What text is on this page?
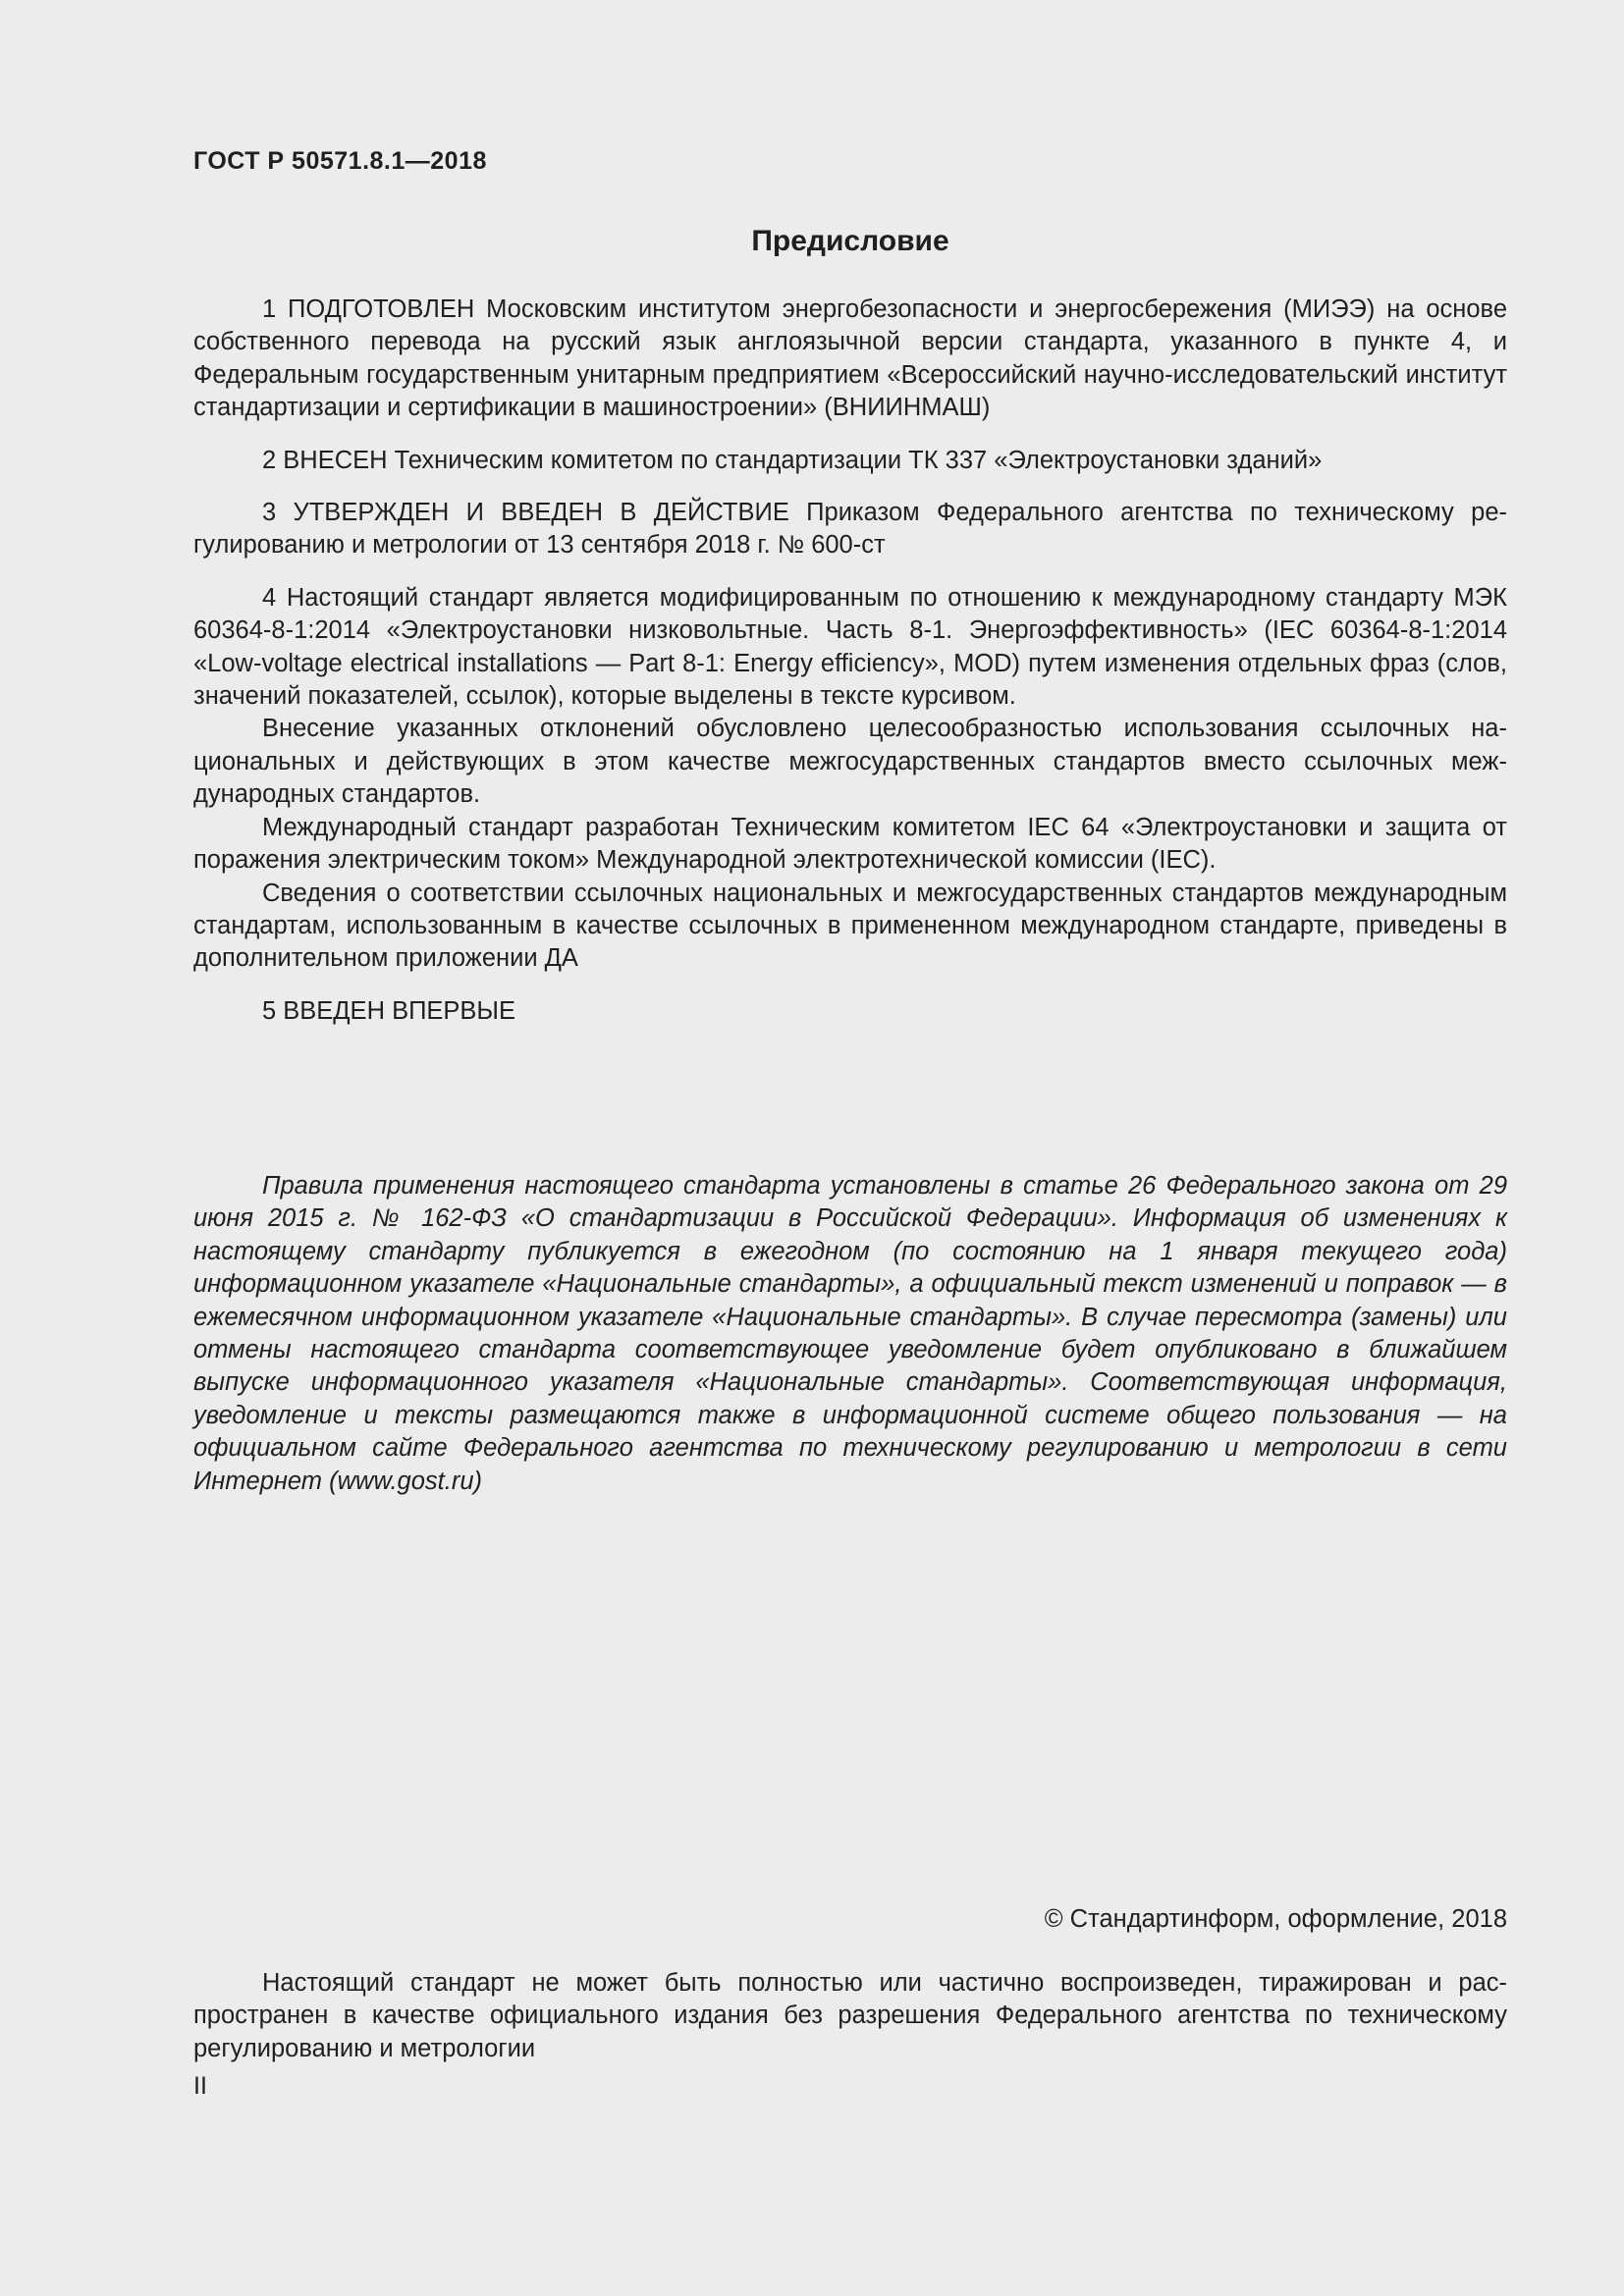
ГОСТ Р 50571.8.1—2018
Предисловие

1 ПОДГОТОВЛЕН Московским институтом энергобезопасности и энергосбережения (МИЭЭ) на основе собственного перевода на русский язык англоязычной версии стандарта, указанного в пункте 4, и Федеральным государственным унитарным предприятием «Всероссийский научно-исследовательский институт стандартизации и сертификации в машиностроении» (ВНИИНМАШ)

2 ВНЕСЕН Техническим комитетом по стандартизации ТК 337 «Электроустановки зданий»

3 УТВЕРЖДЕН И ВВЕДЕН В ДЕЙСТВИЕ Приказом Федерального агентства по техническому регулированию и метрологии от 13 сентября 2018 г. № 600-ст

4 Настоящий стандарт является модифицированным по отношению к международному стандарту МЭК 60364-8-1:2014 «Электроустановки низковольтные. Часть 8-1. Энергоэффективность» (IEC 60364-8-1:2014 «Low-voltage electrical installations — Part 8-1: Energy efficiency», MOD) путем изменения отдельных фраз (слов, значений показателей, ссылок), которые выделены в тексте курсивом.

Внесение указанных отклонений обусловлено целесообразностью использования ссылочных национальных и действующих в этом качестве межгосударственных стандартов вместо ссылочных международных стандартов.

Международный стандарт разработан Техническим комитетом IEC 64 «Электроустановки и защита от поражения электрическим током» Международной электротехнической комиссии (IEC).

Сведения о соответствии ссылочных национальных и межгосударственных стандартов международным стандартам, использованным в качестве ссылочных в примененном международном стандарте, приведены в дополнительном приложении ДА

5 ВВЕДЕН ВПЕРВЫЕ

Правила применения настоящего стандарта установлены в статье 26 Федерального закона от 29 июня 2015 г. № 162-ФЗ «О стандартизации в Российской Федерации». Информация об изменениях к настоящему стандарту публикуется в ежегодном (по состоянию на 1 января текущего года) информационном указателе «Национальные стандарты», а официальный текст изменений и поправок — в ежемесячном информационном указателе «Национальные стандарты». В случае пересмотра (замены) или отмены настоящего стандарта соответствующее уведомление будет опубликовано в ближайшем выпуске информационного указателя «Национальные стандарты». Соответствующая информация, уведомление и тексты размещаются также в информационной системе общего пользования — на официальном сайте Федерального агентства по техническому регулированию и метрологии в сети Интернет (www.gost.ru)

© Стандартинформ, оформление, 2018

Настоящий стандарт не может быть полностью или частично воспроизведен, тиражирован и распространен в качестве официального издания без разрешения Федерального агентства по техническому регулированию и метрологии

II
